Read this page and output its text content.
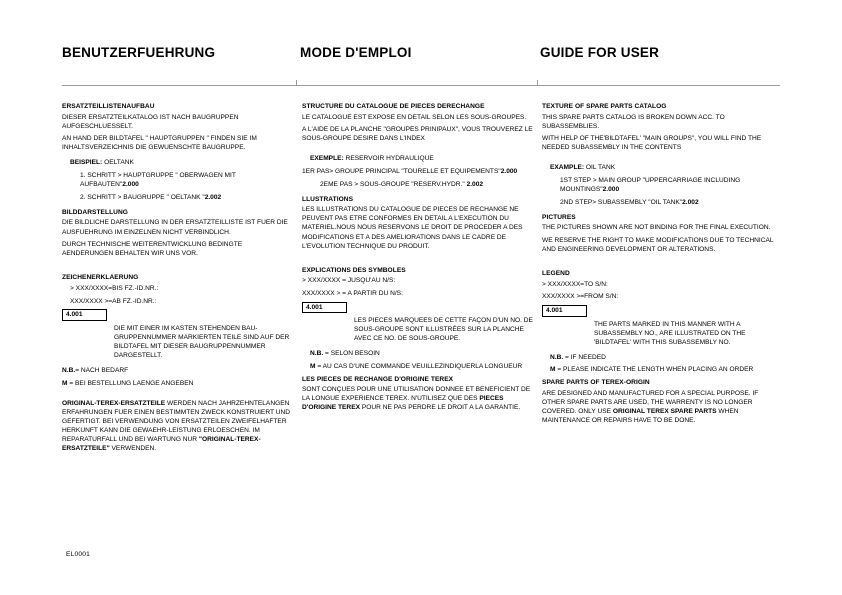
BENUTZERFUEHRUNG	MODE D'EMPLOI	GUIDE FOR USER
ERSATZTEILLISTENAUFBAU
DIESER ERSATZTEILKATALOG IST NACH BAUGRUPPEN AUFGESCHLUESSELT.
AN HAND DER BILDTAFEL " HAUPTGRUPPEN " FINDEN SIE IM INHALTSVERZEICHNIS DIE GEWUENSCHTE BAUGRUPPE.
BEISPIEL: OELTANK
1. SCHRITT > HAUPTGRUPPE " OBERWAGEN MIT AUFBAUTEN"2.000
2. SCHRITT > BAUGRUPPE " OELTANK "2.002
BILDDARSTELLUNG
DIE BILDLICHE DARSTELLUNG IN DER ERSATZTEILLISTE IST FUER DIE AUSFUEHRUNG IM EINZELNEN NICHT VERBINDLICH.
DURCH TECHNISCHE WEITERENTWICKLUNG BEDINGTE AENDERUNGEN BEHALTEN WIR UNS VOR.
ZEICHENERKLAERUNG
> XXX/XXXX=BIS FZ.-ID.NR.:
XXX/XXXX >=AB FZ.-ID.NR.:
4.001
DIE MIT EINER IM KASTEN STEHENDEN BAU-GRUPPENNUMMER MARKIERTEN TEILE SIND AUF DER BILDTAFEL MIT DIESER BAUGRUPPENNUMMER DARGESTELLT.
N.B.= NACH BEDARF
M = BEI BESTELLUNG LAENGE ANGEBEN
ORIGINAL-TEREX-ERSATZTEILE WERDEN NACH JAHRZEHNTELANGEN ERFAHRUNGEN FUER EINEN BESTIMMTEN ZWECK KONSTRUIERT UND GEFERTIGT. BEI VERWENDUNG VON ERSATZTEILEN ZWEIFELHAFTER HERKUNFT KANN DIE GEWAEHR-LEISTUNG ERLOESCHEN. IM REPARATURFALL UND BEI WARTUNG NUR "ORIGINAL-TEREX-ERSATZTEILE" VERWENDEN.
STRUCTURE DU CATALOGUE DE PIECES DERECHANGE
LE CATALOGUE EST EXPOSE EN DETAIL SELON LES SOUS-GROUPES.
A L'AIDE DE LA PLANCHE "GROUPES PRINIPAUX", VOUS TROUVEREZ LE SOUS-GROUPE DESIRE DANS L'INDEX
EXEMPLE: RESERVOIR HYDRAULIQUE
1ER PAS> GROUPE PRINCIPAL "TOURELLE ET EQUIPEMENTS"2.000
2EME PAS > SOUS-GROUPE "RESERV.HYDR." 2.002
LLUSTRATIONS
LES ILLUSTRATIONS DU CATALOGUE DE PIECES DE RECHANGE NE PEUVENT PAS ETRE CONFORMES EN DETAIL A L'EXECUTION DU MATERIEL.NOUS NOUS RESERVONS LE DROIT DE PROCEDER A DES MODIFICATIONS ET A DES AMELIORATIONS DANS LE CADRE DE L'EVOLUTION TECHNIQUE DU PRODUIT.
EXPLICATIONS DES SYMBOLES
> XXX/XXXX = JUSQU'AU N/S:
XXX/XXXX > = A PARTIR DU N/S:
4.001
LES PIECES MARQUEES DE CETTE FAÇON D'UN NO. DE SOUS-GROUPE SONT ILLUSTRÉES SUR LA PLANCHE AVEC CE NO. DE SOUS-GROUPE.
N.B. = SELON BESOIN
M = AU CAS D'UNE COMMANDE VEUILLEZINDIQUERLA LONGUEUR
LES PIECES DE RECHANGE D'ORIGINE TEREX
SONT CONÇUES POUR UNE UTILISATION DONNEE ET BENEFICIENT DE LA LONGUE EXPERIENCE TEREX. N'UTILISEZ QUE DES PIECES D'ORIGINE TEREX POUR NE PAS PERDRE LE DROIT A LA GARANTIE.
TEXTURE OF SPARE PARTS CATALOG
THIS SPARE PARTS CATALOG IS BROKEN DOWN ACC. TO SUBASSEMBLIES.
WITH HELP OF THE'BILDTAFEL' "MAIN GROUPS", YOU WILL FIND THE NEEDED SUBASSEMBLY IN THE CONTENTS
EXAMPLE: OIL TANK
1ST STEP > MAIN GROUP "UPPERCARRIAGE INCLUDING MOUNTINGS"2.000
2ND STEP> SUBASSEMBLY "OIL TANK"2.002
PICTURES
THE PICTURES SHOWN ARE NOT BINDING FOR THE FINAL EXECUTION.
WE RESERVE THE RIGHT TO MAKE MODIFICATIONS DUE TO TECHNICAL AND ENGINEERING DEVELOPMENT OR ALTERATIONS.
LEGEND
> XXX/XXXX=TO S/N:
XXX/XXXX >=FROM S/N:
4.001
THE PARTS MARKED IN THIS MANNER WITH A SUBASSEMBLY NO., ARE ILLUSTRATED ON THE 'BILDTAFEL' WITH THIS SUBASSEMBLY NO.
N.B. = IF NEEDED
M = PLEASE INDICATE THE LENGTH WHEN PLACING AN ORDER
SPARE PARTS OF TEREX-ORIGIN
ARE DESIGNED AND MANUFACTURED FOR A SPECIAL PURPOSE. IF OTHER SPARE PARTS ARE USED, THE WARRENTY IS NO LONGER COVERED. ONLY USE ORIGINAL TEREX SPARE PARTS WHEN MAINTENANCE OR REPAIRS HAVE TO BE DONE.
EL0001
